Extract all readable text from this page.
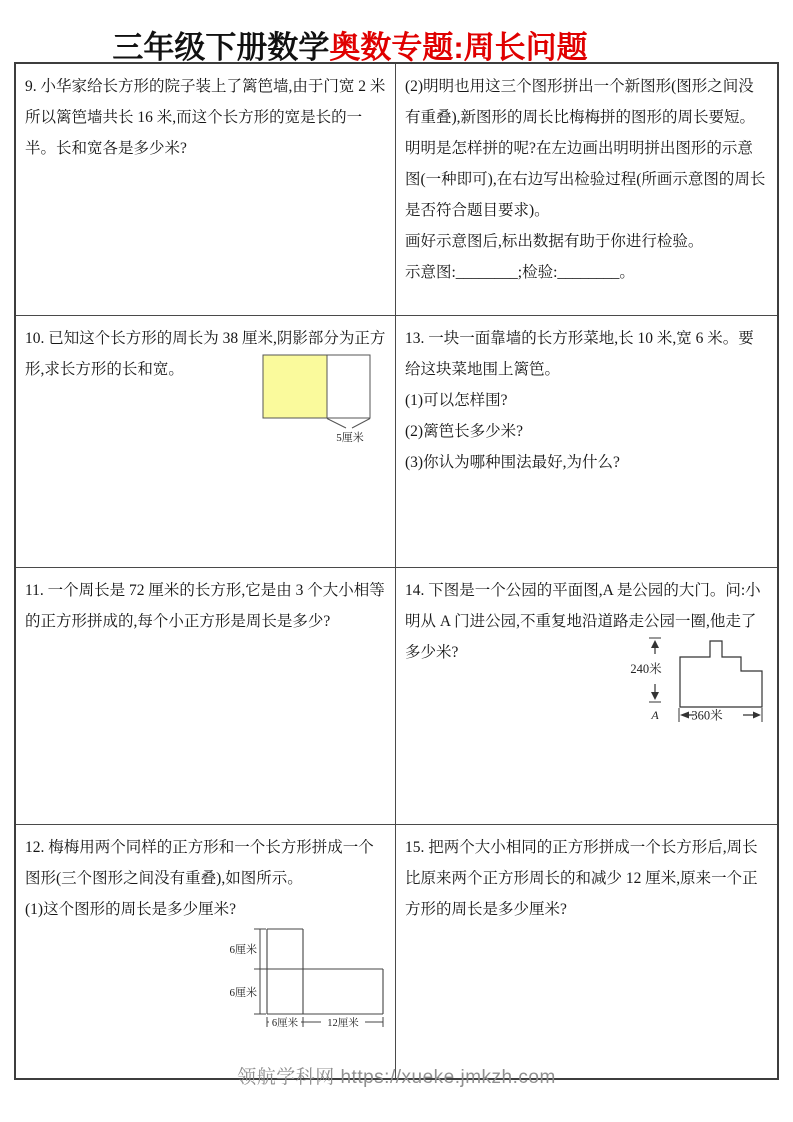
三年级下册数学奥数专题:周长问题

9. 小华家给长方形的院子装上了篱笆墙,由于门宽 2 米所以篱笆墙共长 16 米,而这个长方形的宽是长的一半。长和宽各是多少米?

(2)明明也用这三个图形拼出一个新图形(图形之间没有重叠),新图形的周长比梅梅拼的图形的周长要短。明明是怎样拼的呢?在左边画出明明拼出图形的示意图(一种即可),在右边写出检验过程(所画示意图的周长是否符合题目要求)。

画好示意图后,标出数据有助于你进行检验。

示意图:________;检验:________。

10. 已知这个长方形的周长为 38 厘米,阴影部分为正方形,求长方形的长和宽。

5厘米

13. 一块一面靠墙的长方形菜地,长 10 米,宽 6 米。要给这块菜地围上篱笆。

(1)可以怎样围?

(2)篱笆长多少米?

(3)你认为哪种围法最好,为什么?

11. 一个周长是 72 厘米的长方形,它是由 3 个大小相等的正方形拼成的,每个小正方形是周长是多少?

14. 下图是一个公园的平面图,A 是公园的大门。问:小明从 A 门进公园,不重复地沿道路走公园一圈,他走了多少米?

240米
A	360米

12. 梅梅用两个同样的正方形和一个长方形拼成一个图形(三个图形之间没有重叠),如图所示。

(1)这个图形的周长是多少厘米?

6厘米
6厘米
6厘米	12厘米

15. 把两个大小相同的正方形拼成一个长方形后,周长比原来两个正方形周长的和减少 12 厘米,原来一个正方形的周长是多少厘米?

领航学科网 https://xueke.jmkzh.com
